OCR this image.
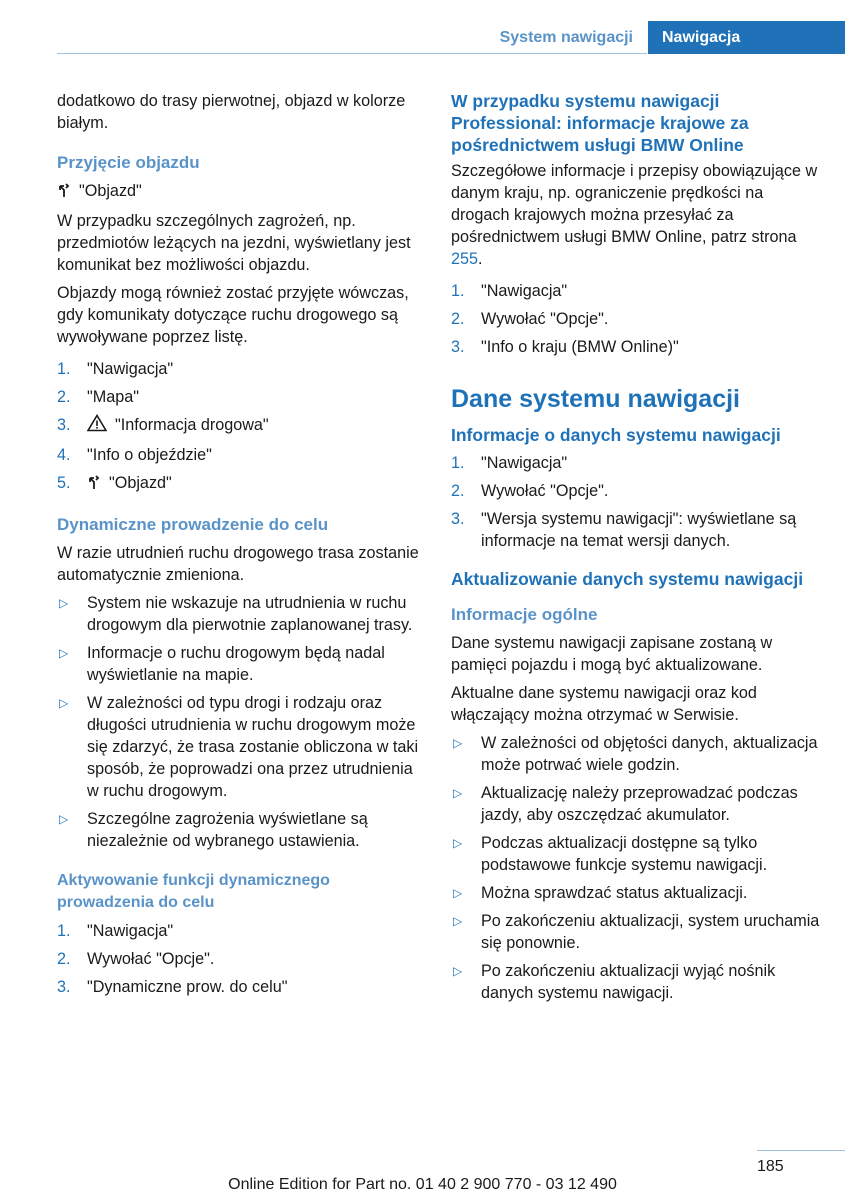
System nawigacji	Nawigacja

dodatkowo do trasy pierwotnej, objazd w kolorze białym.

Przyjęcie objazdu

"Objazd"

W przypadku szczególnych zagrożeń, np. przedmiotów leżących na jezdni, wyświetlany jest komunikat bez możliwości objazdu.

Objazdy mogą również zostać przyjęte wówczas, gdy komunikaty dotyczące ruchu drogowego są wywoływane poprzez listę.

1. "Nawigacja"
2. "Mapa"
3.	"Informacja drogowa"
4. "Info o objeździe"
5. "Objazd"
Dynamiczne prowadzenie do celu

W razie utrudnień ruchu drogowego trasa zostanie automatycznie zmieniona.

▷ System nie wskazuje na utrudnienia w ruchu drogowym dla pierwotnie zaplanowanej trasy.
▷ Informacje o ruchu drogowym będą nadal wyświetlanie na mapie.
▷ W zależności od typu drogi i rodzaju oraz długości utrudnienia w ruchu drogowym może się zdarzyć, że trasa zostanie obliczona w taki sposób, że poprowadzi ona przez utrudnienia w ruchu drogowym.
▷ Szczególne zagrożenia wyświetlane są niezależnie od wybranego ustawienia.
Aktywowanie funkcji dynamicznego prowadzenia do celu
1. "Nawigacja"
2. Wywołać "Opcje".
3. "Dynamiczne prow. do celu"
W przypadku systemu nawigacji Professional: informacje krajowe za pośrednictwem usługi BMW Online

Szczegółowe informacje i przepisy obowiązujące w danym kraju, np. ograniczenie prędkości na drogach krajowych można przesyłać za pośrednictwem usługi BMW Online, patrz strona 255.

1. "Nawigacja"
2. Wywołać "Opcje".
3. "Info o kraju (BMW Online)"
Dane systemu nawigacji
Informacje o danych systemu nawigacji
1. "Nawigacja"
2. Wywołać "Opcje".
3. "Wersja systemu nawigacji": wyświetlane są informacje na temat wersji danych.
Aktualizowanie danych systemu nawigacji
Informacje ogólne

Dane systemu nawigacji zapisane zostaną w pamięci pojazdu i mogą być aktualizowane.

Aktualne dane systemu nawigacji oraz kod włączający można otrzymać w Serwisie.

▷ W zależności od objętości danych, aktualizacja może potrwać wiele godzin.
▷ Aktualizację należy przeprowadzać podczas jazdy, aby oszczędzać akumulator.
▷ Podczas aktualizacji dostępne są tylko podstawowe funkcje systemu nawigacji.
▷ Można sprawdzać status aktualizacji.
▷ Po zakończeniu aktualizacji, system uruchamia się ponownie.
▷ Po zakończeniu aktualizacji wyjąć nośnik danych systemu nawigacji.
185
Online Edition for Part no. 01 40 2 900 770 - 03 12 490
